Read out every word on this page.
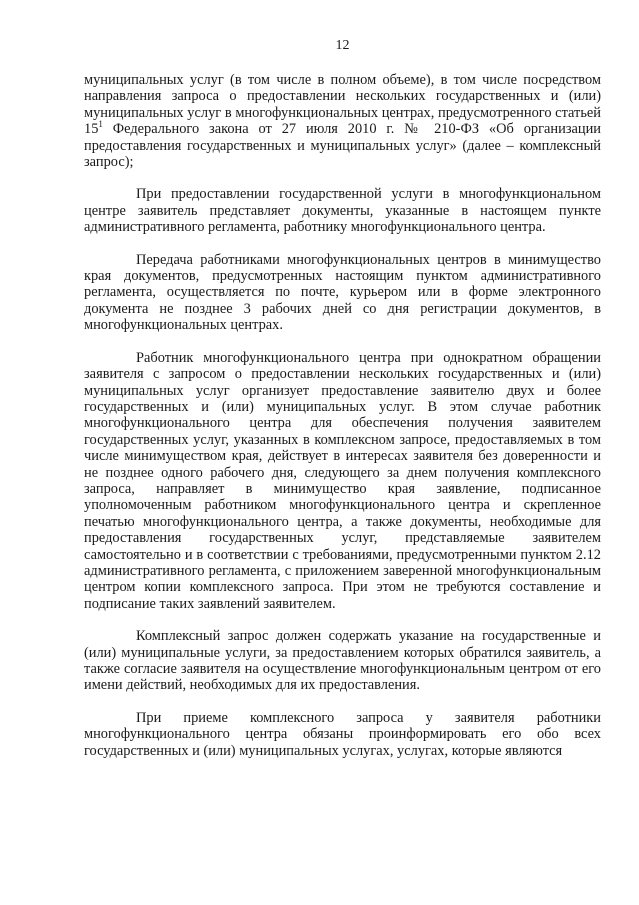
12

муниципальных услуг (в том числе в полном объеме), в том числе посредством направления запроса о предоставлении нескольких государственных и (или) муниципальных услуг в многофункциональных центрах, предусмотренного статьей $15^1$ Федерального закона от 27 июля 2010 г. № 210-ФЗ «Об организации предоставления государственных и муниципальных услуг» (далее – комплексный запрос);

При предоставлении государственной услуги в многофункциональном центре заявитель представляет документы, указанные в настоящем пункте административного регламента, работнику многофункционального центра.

Передача работниками многофункциональных центров в минимущество края документов, предусмотренных настоящим пунктом административного регламента, осуществляется по почте, курьером или в форме электронного документа не позднее 3 рабочих дней со дня регистрации документов, в многофункциональных центрах.

Работник многофункционального центра при однократном обращении заявителя с запросом о предоставлении нескольких государственных и (или) муниципальных услуг организует предоставление заявителю двух и более государственных и (или) муниципальных услуг. В этом случае работник многофункционального центра для обеспечения получения заявителем государственных услуг, указанных в комплексном запросе, предоставляемых в том числе минимуществом края, действует в интересах заявителя без доверенности и не позднее одного рабочего дня, следующего за днем получения комплексного запроса, направляет в минимущество края заявление, подписанное уполномоченным работником многофункционального центра и скрепленное печатью многофункционального центра, а также документы, необходимые для предоставления государственных услуг, представляемые заявителем самостоятельно и в соответствии с требованиями, предусмотренными пунктом 2.12 административного регламента, с приложением заверенной многофункциональным центром копии комплексного запроса. При этом не требуются составление и подписание таких заявлений заявителем.

Комплексный запрос должен содержать указание на государственные и (или) муниципальные услуги, за предоставлением которых обратился заявитель, а также согласие заявителя на осуществление многофункциональным центром от его имени действий, необходимых для их предоставления.

При приеме комплексного запроса у заявителя работники многофункционального центра обязаны проинформировать его обо всех государственных и (или) муниципальных услугах, услугах, которые являются
